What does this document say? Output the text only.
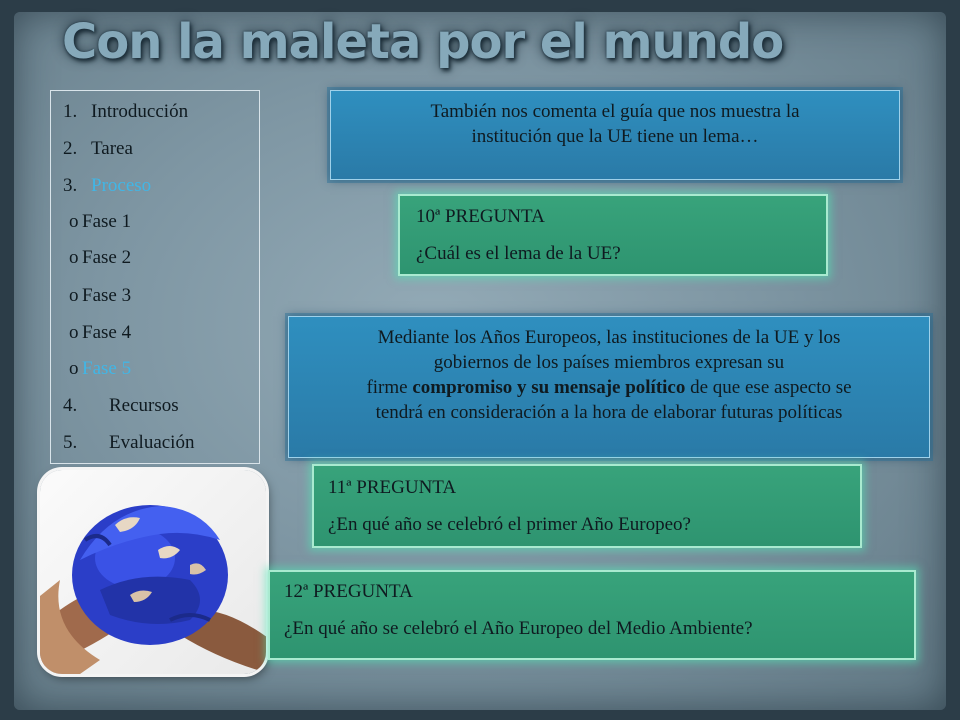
Con la maleta por el mundo
1. Introducción
2. Tarea
3. Proceso
o Fase 1
o Fase 2
o Fase 3
o Fase 4
o Fase 5
4. Recursos
5. Evaluación
También nos comenta el guía que nos muestra la
institución que la UE tiene un lema…
10ª PREGUNTA
¿Cuál es el lema de la UE?
Mediante los Años Europeos, las instituciones de la UE y los
gobiernos de los países miembros expresan su
firme compromiso y su mensaje político de que ese aspecto se
tendrá en consideración a la hora de elaborar futuras políticas
11ª PREGUNTA
¿En qué año se celebró el primer Año Europeo?
12ª PREGUNTA
¿En qué año se celebró el Año Europeo del Medio Ambiente?
